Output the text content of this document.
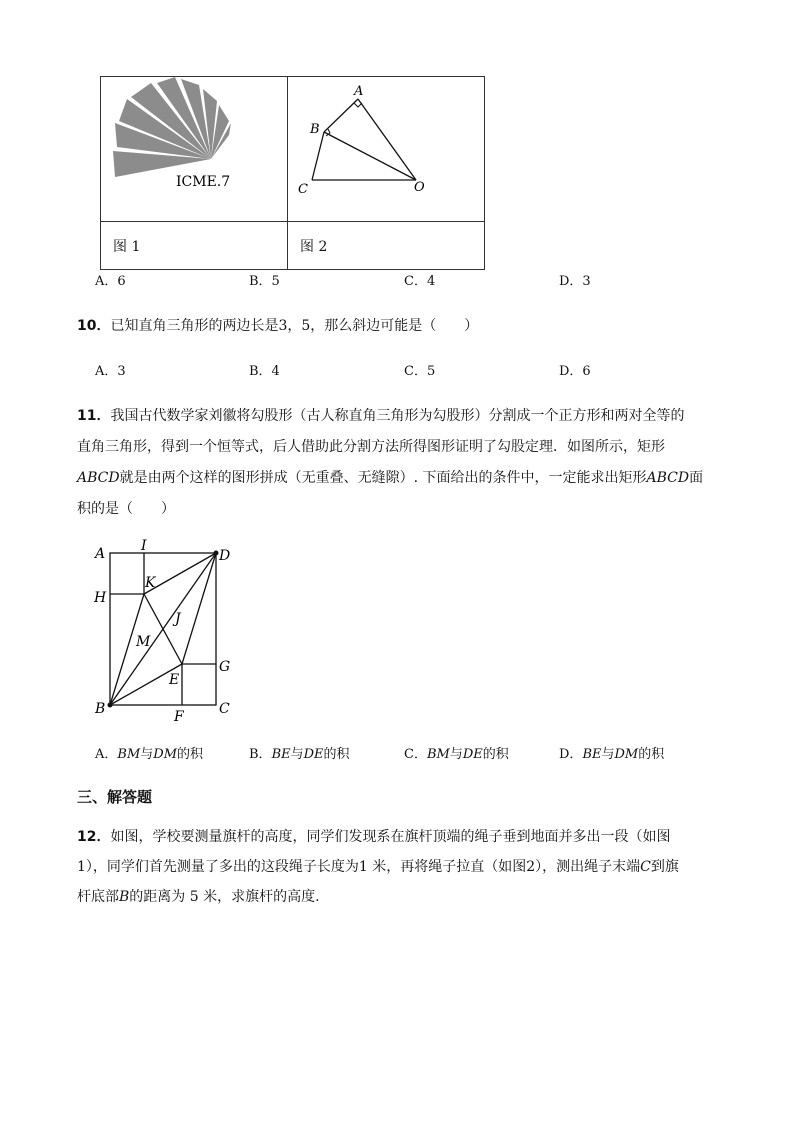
ICME.7	A
B
C O

图 1	图 2
A．6	B．5	C．4	D．3
10．已知直角三角形的两边长是3，5，那么斜边可能是（　　）
A．3	B．4	C．5	D．6
11．我国古代数学家刘徽将勾股形（古人称直角三角形为勾股形）分割成一个正方形和两对全等的
直角三角形，得到一个恒等式，后人借助此分割方法所得图形证明了勾股定理．如图所示，矩形
ABCD就是由两个这样的图形拼成（无重叠、无缝隙）. 下面给出的条件中，一定能求出矩形ABCD面
积的是（　　）
A	I
D
H
K
J
M
G
E
B	F	C
A．BM与DM的积	B．BE与DE的积	C．BM与DE的积	D．BE与DM的积
三、解答题
12．如图，学校要测量旗杆的高度，同学们发现系在旗杆顶端的绳子垂到地面并多出一段（如图
1），同学们首先测量了多出的这段绳子长度为1 米，再将绳子拉直（如图2），测出绳子末端C到旗
杆底部B的距离为 5 米，求旗杆的高度.
